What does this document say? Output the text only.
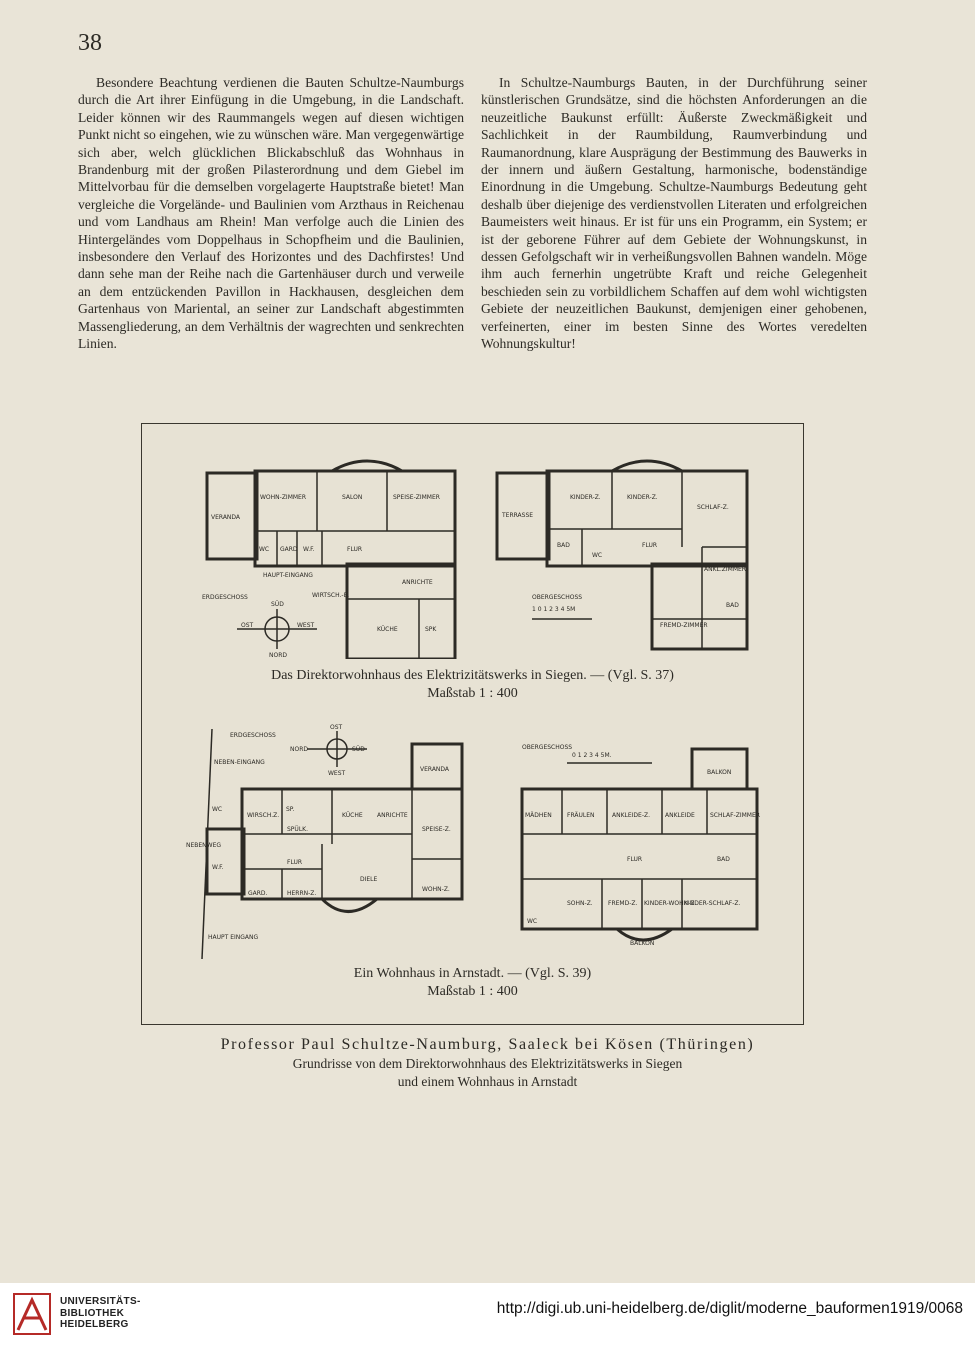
38

Besondere Beachtung verdienen die Bauten Schultze-Naumburgs durch die Art ihrer Einfügung in die Umgebung, in die Landschaft. Leider können wir des Raummangels wegen auf diesen wichtigen Punkt nicht so eingehen, wie zu wünschen wäre. Man vergegenwärtige sich aber, welch glücklichen Blickabschluß das Wohnhaus in Brandenburg mit der großen Pilasterordnung und dem Giebel im Mittelvorbau für die demselben vorgelagerte Hauptstraße bietet! Man vergleiche die Vorgelände- und Baulinien vom Arzthaus in Reichenau und vom Landhaus am Rhein! Man verfolge auch die Linien des Hintergeländes vom Doppelhaus in Schopfheim und die Baulinien, insbesondere den Verlauf des Horizontes und des Dachfirstes! Und dann sehe man der Reihe nach die Gartenhäuser durch und verweile an dem entzückenden Pavillon in Hackhausen, desgleichen dem Gartenhaus von Mariental, an seiner zur Landschaft abgestimmten Massengliederung, an dem Verhältnis der wagrechten und senkrechten Linien.

In Schultze-Naumburgs Bauten, in der Durchführung seiner künstlerischen Grundsätze, sind die höchsten Anforderungen an die neuzeitliche Baukunst erfüllt: Äußerste Zweckmäßigkeit und Sachlichkeit in der Raumbildung, Raumverbindung und Raumanordnung, klare Ausprägung der Bestimmung des Bauwerks in der innern und äußern Gestaltung, harmonische, bodenständige Einordnung in die Umgebung. Schultze-Naumburgs Bedeutung geht deshalb über diejenige des verdienstvollen Literaten und erfolgreichen Baumeisters weit hinaus. Er ist für uns ein Programm, ein System; er ist der geborene Führer auf dem Gebiete der Wohnungskunst, in dessen Gefolgschaft wir in verheißungsvollen Bahnen wandeln. Möge ihm auch fernerhin ungetrübte Kraft und reiche Gelegenheit beschieden sein zu vorbildlichem Schaffen auf dem wohl wichtigsten Gebiete der neuzeitlichen Baukunst, demjenigen einer gehobenen, verfeinerten, einer im besten Sinne des Wortes veredelten Wohnungskultur!

VERANDA
WOHN-ZIMMER	SALON	SPEISE-ZIMMER
WC GARD W.F.	FLUR
HAUPT-EINGANG
WIRTSCH.-E.
ANRICHTE
KÜCHE	SPK
ERDGESCHOSS
SÜD
OST	WEST
NORD
TERRASSE
KINDER-Z.	KINDER-Z.
SCHLAF-Z.
BAD
WC
FLUR
ANKL.ZIMMER
BAD
FREMD-ZIMMER
OBERGESCHOSS
1 0 1 2 3 4 5M
Das Direktorwohnhaus des Elektrizitätswerks in Siegen. — (Vgl. S. 37)
Maßstab 1 : 400
ERDGESCHOSS
OST
NORD	SÜD
WEST
NEBEN-EINGANG
VERANDA
WIRSCH.Z.
SP.
KÜCHE ANRICHTE
SPEISE-Z.
WC
SPÜLK.
W.F.
FLUR
DIELE
GARD.	HERRN-Z.
WOHN-Z.
HAUPT EINGANG
NEBENWEG
OBERGESCHOSS
0 1 2 3 4 5M.
BALKON
MÄDHEN	FRÄULEN	ANKLEIDE-Z. ANKLEIDE	SCHLAF-ZIMMER
FLUR	BAD
SOHN-Z.	FREMD-Z. KINDER-WOHN-Z.
KINDER-SCHLAF-Z.
WC
BALKON
Ein Wohnhaus in Arnstadt. — (Vgl. S. 39)
Maßstab 1 : 400
Professor Paul Schultze-Naumburg, Saaleck bei Kösen (Thüringen)
Grundrisse von dem Direktorwohnhaus des Elektrizitätswerks in Siegen
und einem Wohnhaus in Arnstadt
UNIVERSITÄTS-
BIBLIOTHEK
HEIDELBERG
http://digi.ub.uni-heidelberg.de/diglit/moderne_bauformen1919/0068
